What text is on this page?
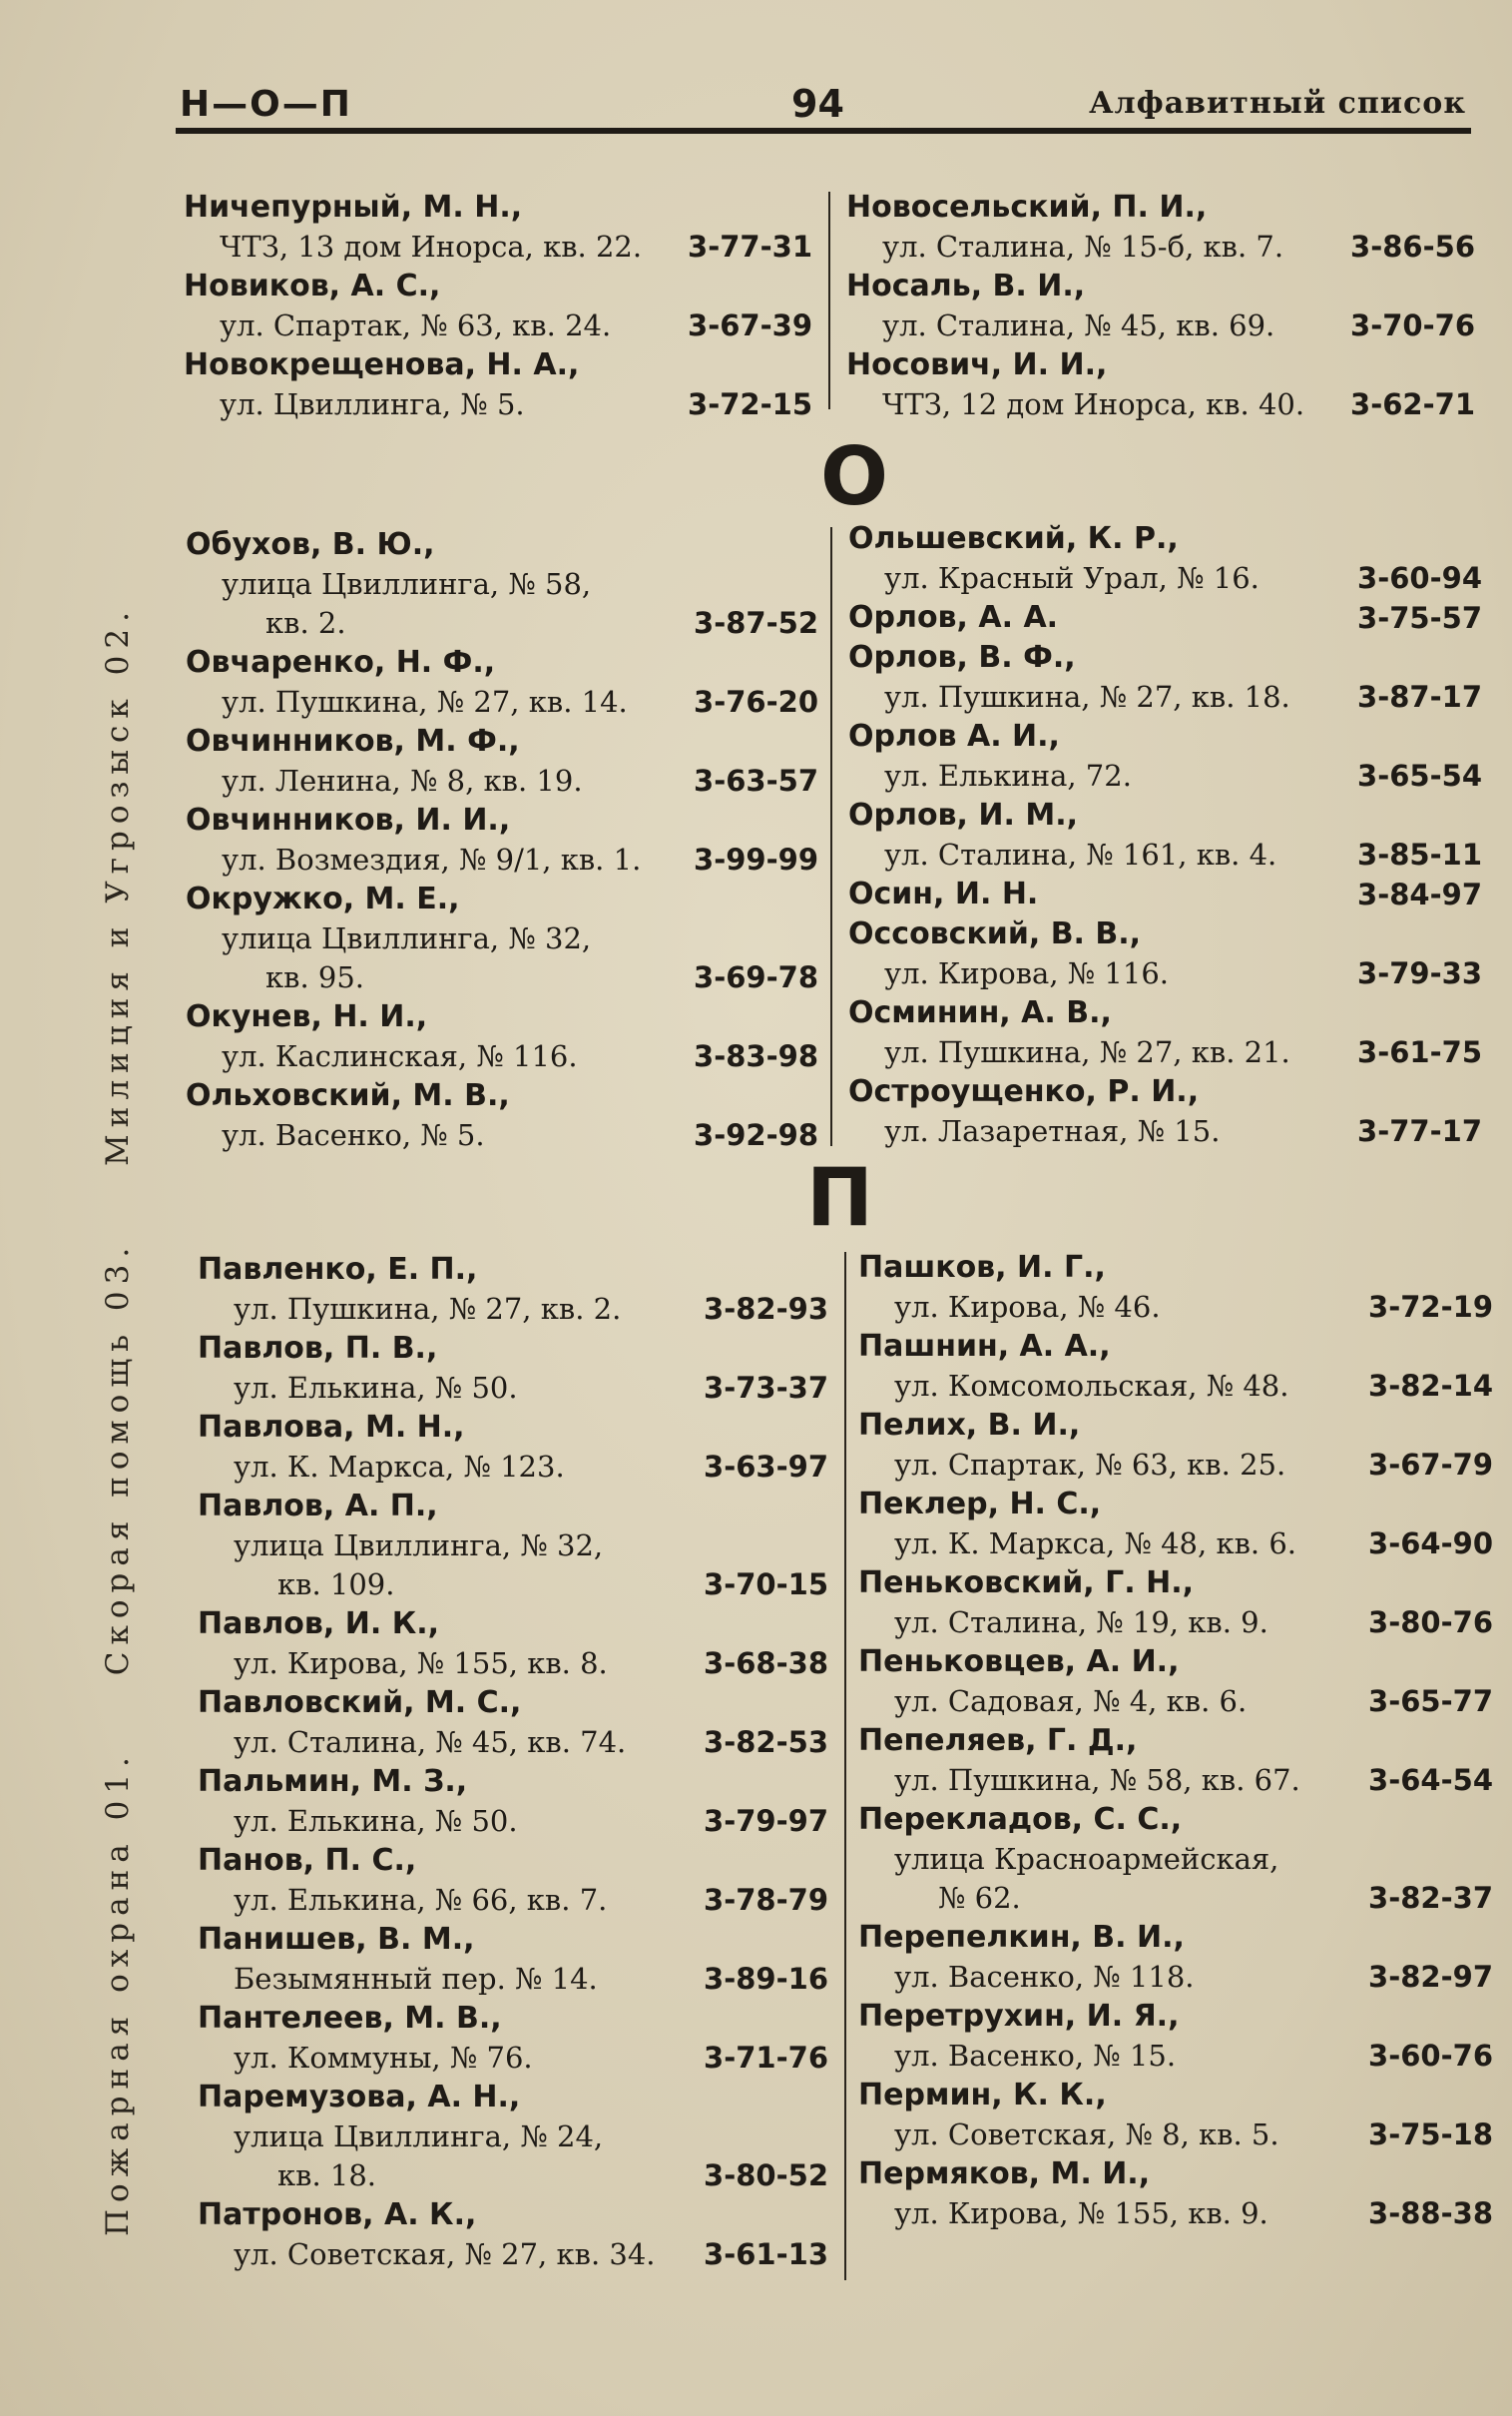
Н—О—П	94	Алфавитный список
Пожарная охрана 01. Скорая помощь 03. Милиция и Угрозыск 02.
Ничепурный, М. Н.,
ЧТЗ, 13 дом Инорса, кв. 22. 3-77-31
Новиков, А. С.,
ул. Спартак, № 63, кв. 24.	3-67-39
Новокрещенова, Н. А.,
ул. Цвиллинга, № 5.	3-72-15
Новосельский, П. И.,
ул. Сталина, № 15-б, кв. 7. 3-86-56
Носаль, В. И.,
ул. Сталина, № 45, кв. 69.	3-70-76
Носович, И. И.,
ЧТЗ, 12 дом Инорса, кв. 40. 3-62-71
О
Обухов, В. Ю.,
улица Цвиллинга, № 58,
кв. 2.	3-87-52
Овчаренко, Н. Ф.,
ул. Пушкина, № 27, кв. 14. 3-76-20
Овчинников, М. Ф.,
ул. Ленина, № 8, кв. 19.	3-63-57
Овчинников, И. И.,
ул. Возмездия, № 9/1, кв. 1. 3-99-99
Окружко, М. Е.,
улица Цвиллинга, № 32,
кв. 95.	3-69-78
Окунев, Н. И.,
ул. Каслинская, № 116.	3-83-98
Ольховский, М. В.,
ул. Васенко, № 5.	3-92-98
Ольшевский, К. Р.,
ул. Красный Урал, № 16.	3-60-94
Орлов, А. А.	3-75-57
Орлов, В. Ф.,
ул. Пушкина, № 27, кв. 18. 3-87-17
Орлов А. И.,
ул. Елькина, 72.	3-65-54
Орлов, И. М.,
ул. Сталина, № 161, кв. 4.	3-85-11
Осин, И. Н.	3-84-97
Оссовский, В. В.,
ул. Кирова, № 116.	3-79-33
Осминин, А. В.,
ул. Пушкина, № 27, кв. 21. 3-61-75
Остроущенко, Р. И.,
ул. Лазаретная, № 15.	3-77-17
П
Павленко, Е. П.,
ул. Пушкина, № 27, кв. 2.	3-82-93
Павлов, П. В.,
ул. Елькина, № 50.	3-73-37
Павлова, М. Н.,
ул. К. Маркса, № 123.	3-63-97
Павлов, А. П.,
улица Цвиллинга, № 32,
кв. 109.	3-70-15
Павлов, И. К.,
ул. Кирова, № 155, кв. 8.	3-68-38
Павловский, М. С.,
ул. Сталина, № 45, кв. 74.	3-82-53
Пальмин, М. З.,
ул. Елькина, № 50.	3-79-97
Панов, П. С.,
ул. Елькина, № 66, кв. 7.	3-78-79
Панишев, В. М.,
Безымянный пер. № 14.	3-89-16
Пантелеев, М. В.,
ул. Коммуны, № 76.	3-71-76
Паремузова, А. Н.,
улица Цвиллинга, № 24,
кв. 18.	3-80-52
Патронов, А. К.,
ул. Советская, № 27, кв. 34. 3-61-13
Пашков, И. Г.,
ул. Кирова, № 46.	3-72-19
Пашнин, А. А.,
ул. Комсомольская, № 48.	3-82-14
Пелих, В. И.,
ул. Спартак, № 63, кв. 25.	3-67-79
Пеклер, Н. С.,
ул. К. Маркса, № 48, кв. 6. 3-64-90
Пеньковский, Г. Н.,
ул. Сталина, № 19, кв. 9.	3-80-76
Пеньковцев, А. И.,
ул. Садовая, № 4, кв. 6.	3-65-77
Пепеляев, Г. Д.,
ул. Пушкина, № 58, кв. 67. 3-64-54
Перекладов, С. С.,
улица Красноармейская,
№ 62.	3-82-37
Перепелкин, В. И.,
ул. Васенко, № 118.	3-82-97
Перетрухин, И. Я.,
ул. Васенко, № 15.	3-60-76
Пермин, К. К.,
ул. Советская, № 8, кв. 5.	3-75-18
Пермяков, М. И.,
ул. Кирова, № 155, кв. 9.	3-88-38
